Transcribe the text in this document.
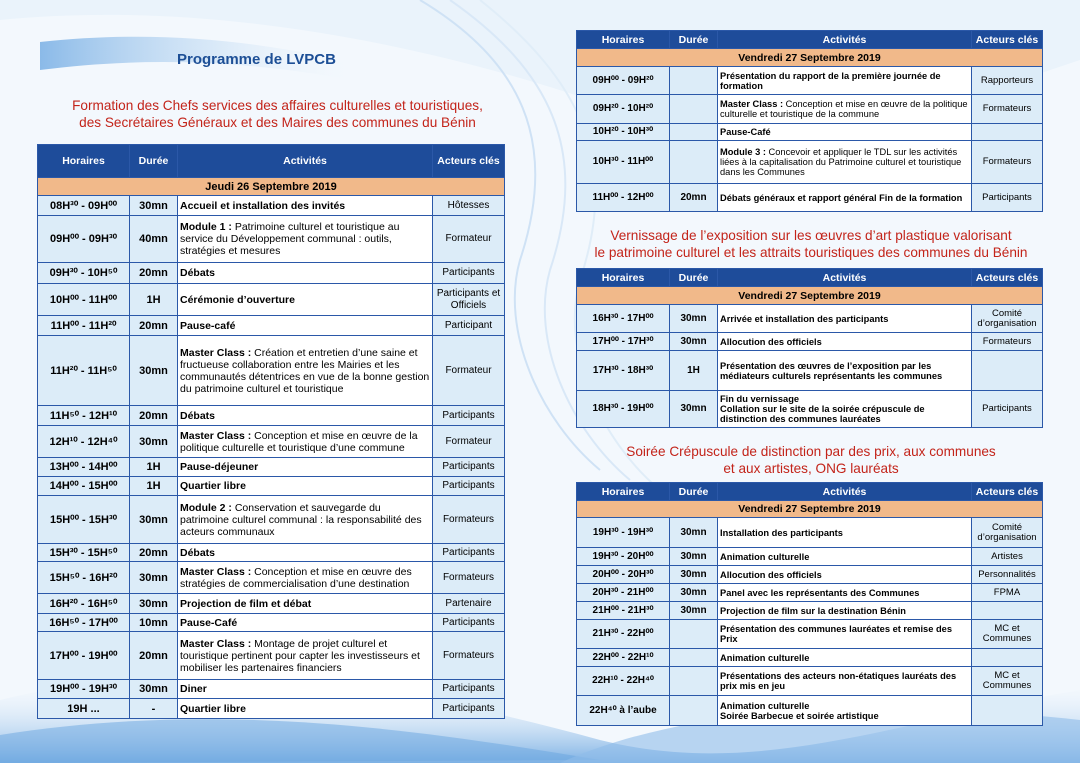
Programme de LVPCB
Formation des Chefs services des affaires culturelles et touristiques,
des Secrétaires Généraux et des Maires des communes du Bénin
Vernissage de l’exposition sur les œuvres d’art plastique valorisant
le patrimoine culturel et les attraits touristiques des communes du Bénin
Soirée Crépuscule de distinction par des prix, aux communes
et aux artistes, ONG lauréats
Horaires	Durée	Activités	Acteurs clés
Jeudi 26 Septembre 2019			
08H³⁰ - 09H⁰⁰	30mn	Accueil et installation des invités	Hôtesses
09H⁰⁰ - 09H³⁰	40mn	Module 1 : Patrimoine culturel et touristique au service du Développement communal : outils, stratégies et mesures	Formateur
09H³⁰ - 10H⁵⁰	20mn	Débats	Participants
10H⁰⁰ - 11H⁰⁰	1H	Cérémonie d’ouverture	Participants et Officiels
11H⁰⁰ - 11H²⁰	20mn	Pause-café	Participant
11H²⁰ - 11H⁵⁰	30mn	Master Class : Création et entretien d’une saine et fructueuse collaboration entre les Mairies et les communautés détentrices en vue de la bonne gestion du patrimoine culturel et touristique	Formateur
11H⁵⁰ - 12H¹⁰	20mn	Débats	Participants
12H¹⁰ - 12H⁴⁰	30mn	Master Class : Conception et mise en œuvre de la politique culturelle et touristique d’une commune	Formateur
13H⁰⁰ - 14H⁰⁰	1H	Pause-déjeuner	Participants
14H⁰⁰ - 15H⁰⁰	1H	Quartier libre	Participants
15H⁰⁰ - 15H³⁰	30mn	Module 2 : Conservation et sauvegarde du patrimoine culturel communal : la responsabilité des acteurs communaux	Formateurs
15H³⁰ - 15H⁵⁰	20mn	Débats	Participants
15H⁵⁰ - 16H²⁰	30mn	Master Class : Conception et mise en œuvre des stratégies de commercialisation d’une destination	Formateurs
16H²⁰ - 16H⁵⁰	30mn	Projection de film et débat	Partenaire
16H⁵⁰ - 17H⁰⁰	10mn	Pause-Café	Participants
17H⁰⁰ - 19H⁰⁰	20mn	Master Class : Montage de projet culturel et touristique pertinent pour capter les investisseurs et mobiliser les partenaires financiers	Formateurs
19H⁰⁰ - 19H³⁰	30mn	Diner	Participants
19H ...	-	Quartier libre	Participants
Horaires	Durée	Activités	Acteurs clés
Vendredi 27 Septembre 2019			
09H⁰⁰ - 09H²⁰		Présentation du rapport de la première journée de formation	Rapporteurs
09H²⁰ - 10H²⁰		Master Class : Conception et mise en œuvre de la politique culturelle et touristique de la commune	Formateurs
10H²⁰ - 10H³⁰		Pause-Café	
10H³⁰ - 11H⁰⁰		Module 3 : Concevoir et appliquer le TDL sur les activités liées à la capitalisation du Patrimoine culturel et touristique dans les Communes	Formateurs
11H⁰⁰ - 12H⁰⁰	20mn	Débats généraux et rapport général Fin de la formation	Participants
Horaires	Durée	Activités	Acteurs clés
Vendredi 27 Septembre 2019			
16H³⁰ - 17H⁰⁰	30mn	Arrivée et installation des participants	Comité d’organisation
17H⁰⁰ - 17H³⁰	30mn	Allocution des officiels	Formateurs
17H³⁰ - 18H³⁰	1H	Présentation des œuvres de l’exposition par les médiateurs culturels représentants les communes	
18H³⁰ - 19H⁰⁰	30mn	Fin du vernissage
Collation sur le site de la soirée crépuscule de distinction des communes lauréates	Participants
Horaires	Durée	Activités	Acteurs clés
Vendredi 27 Septembre 2019			
19H³⁰ - 19H³⁰	30mn	Installation des participants	Comité d’organisation
19H³⁰ - 20H⁰⁰	30mn	Animation culturelle	Artistes
20H⁰⁰ - 20H³⁰	30mn	Allocution des officiels	Personnalités
20H³⁰ - 21H⁰⁰	30mn	Panel avec les représentants des Communes	FPMA
21H⁰⁰ - 21H³⁰	30mn	Projection de film sur la destination Bénin	
21H³⁰ - 22H⁰⁰		Présentation des communes lauréates et remise des Prix	MC et Communes
22H⁰⁰ - 22H¹⁰		Animation culturelle	
22H¹⁰ - 22H⁴⁰		Présentations des acteurs non-étatiques lauréats des prix mis en jeu	MC et Communes
22H⁴⁰ à l’aube		Animation culturelle
Soirée Barbecue et soirée artistique	
